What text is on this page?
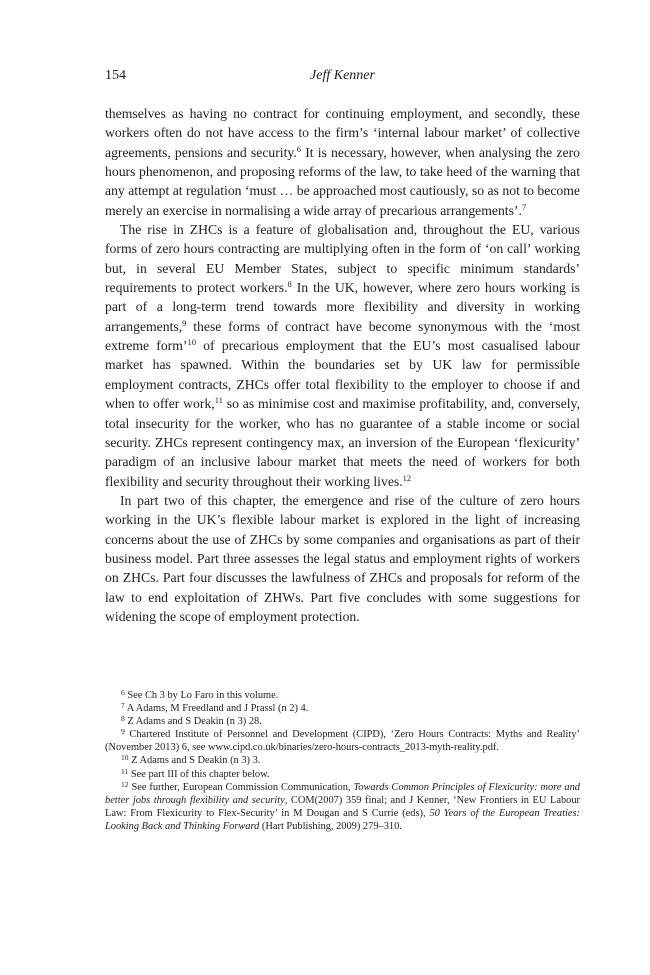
154	Jeff Kenner

themselves as having no contract for continuing employment, and secondly, these workers often do not have access to the firm’s ‘internal labour market’ of collective agreements, pensions and security.$^6$ It is necessary, however, when analysing the zero hours phenomenon, and proposing reforms of the law, to take heed of the warning that any attempt at regulation ‘must … be approached most cautiously, so as not to become merely an exercise in normalising a wide array of precarious arrangements’.$^7$

The rise in ZHCs is a feature of globalisation and, throughout the EU, various forms of zero hours contracting are multiplying often in the form of ‘on call’ working but, in several EU Member States, subject to specific minimum standards’ requirements to protect workers.$^8$ In the UK, however, where zero hours working is part of a long-term trend towards more flexibility and diversity in working arrangements,$^9$ these forms of contract have become synonymous with the ‘most extreme form’$^{10}$ of precarious employment that the EU’s most casualised labour market has spawned. Within the boundaries set by UK law for permissible employment contracts, ZHCs offer total flexibility to the employer to choose if and when to offer work,$^{11}$ so as minimise cost and maximise profitability, and, conversely, total insecurity for the worker, who has no guarantee of a stable income or social security. ZHCs represent contingency max, an inversion of the European ‘flexicurity’ paradigm of an inclusive labour market that meets the need of workers for both flexibility and security throughout their working lives.$^{12}$

In part two of this chapter, the emergence and rise of the culture of zero hours working in the UK’s flexible labour market is explored in the light of increasing concerns about the use of ZHCs by some companies and organisations as part of their business model. Part three assesses the legal status and employment rights of workers on ZHCs. Part four discusses the lawfulness of ZHCs and proposals for reform of the law to end exploitation of ZHWs. Part five concludes with some suggestions for widening the scope of employment protection.

$^6$ See Ch 3 by Lo Faro in this volume.

$^7$ A Adams, M Freedland and J Prassl (n 2) 4.

$^8$ Z Adams and S Deakin (n 3) 28.

$^9$ Chartered Institute of Personnel and Development (CIPD), ‘Zero Hours Contracts: Myths and Reality’ (November 2013) 6, see www.cipd.co.uk/binaries/zero-hours-contracts_2013-myth-reality.pdf.

$^{10}$ Z Adams and S Deakin (n 3) 3.

$^{11}$ See part III of this chapter below.

$^{12}$ See further, European Commission Communication, Towards Common Principles of Flexicurity: more and better jobs through flexibility and security, COM(2007) 359 final; and J Kenner, ‘New Frontiers in EU Labour Law: From Flexicurity to Flex-Security’ in M Dougan and S Currie (eds), 50 Years of the European Treaties: Looking Back and Thinking Forward (Hart Publishing, 2009) 279–310.
